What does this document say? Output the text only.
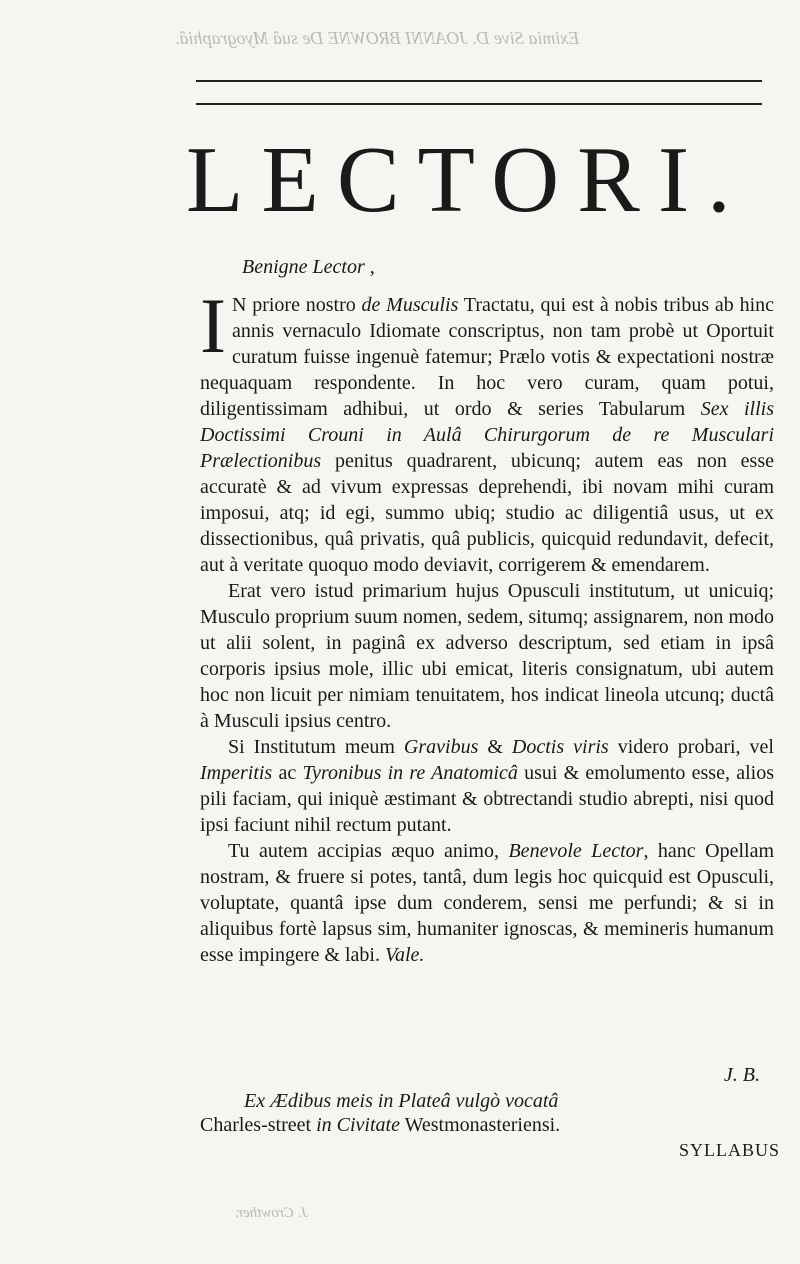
Eximia Sive D. JOANNI BROWNE De suâ Myographiâ.
LECTORI.
Benigne Lector ,

I N priore nostro de Musculis Tractatu, qui est à nobis tribus ab hinc annis vernaculo Idiomate conscriptus, non tam probè ut Oportuit curatum fuisse ingenuè fatemur; Prælo votis & expectationi nostræ nequaquam respondente. In hoc vero curam, quam potui, diligentissimam adhibui, ut ordo & series Tabularum Sex illis Doctissimi Crouni in Aulâ Chirurgorum de re Musculari Prælectionibus penitus quadrarent, ubicunq; autem eas non esse accuratè & ad vivum expressas deprehendi, ibi novam mihi curam imposui, atq; id egi, summo ubiq; studio ac diligentiâ usus, ut ex dissectionibus, quâ privatis, quâ publicis, quicquid redundavit, defecit, aut à veritate quoquo modo deviavit, corrigerem & emendarem.

Erat vero istud primarium hujus Opusculi institutum, ut unicuiq; Musculo proprium suum nomen, sedem, situmq; assignarem, non modo ut alii solent, in paginâ ex adverso descriptum, sed etiam in ipsâ corporis ipsius mole, illic ubi emicat, literis consignatum, ubi autem hoc non licuit per nimiam tenuitatem, hos indicat lineola utcunq; ductâ à Musculi ipsius centro.

Si Institutum meum Gravibus & Doctis viris videro probari, vel Imperitis ac Tyronibus in re Anatomicâ usui & emolumento esse, alios pili faciam, qui iniquè æstimant & obtrectandi studio abrepti, nisi quod ipsi faciunt nihil rectum putant.

Tu autem accipias æquo animo, Benevole Lector, hanc Opellam nostram, & fruere si potes, tantâ, dum legis hoc quicquid est Opusculi, voluptate, quantâ ipse dum conderem, sensi me perfundi; & si in aliquibus fortè lapsus sim, humaniter ignoscas, & memineris humanum esse impingere & labi. Vale.

J. B.
Ex Ædibus meis in Plateâ vulgò vocatâ
Charles-street in Civitate Westmonasteriensi.
SYLLABUS
J. Crowther.
